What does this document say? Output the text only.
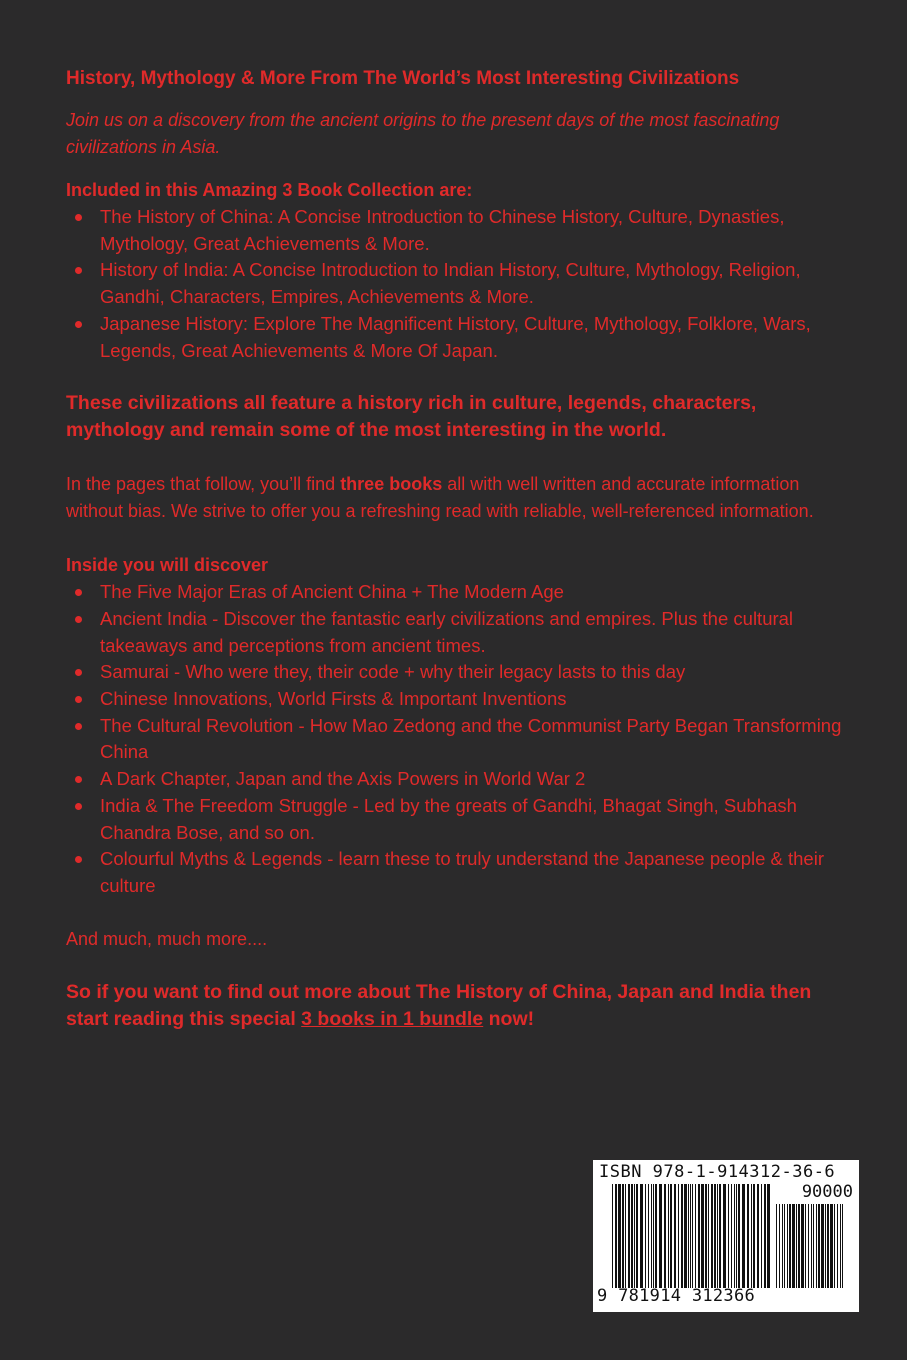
History, Mythology & More From The World’s Most Interesting Civilizations

Join us on a discovery from the ancient origins to the present days of the most fascinating civilizations in Asia.

Included in this Amazing 3 Book Collection are:

The History of China: A Concise Introduction to Chinese History, Culture, Dynasties, Mythology, Great Achievements & More.
History of India: A Concise Introduction to Indian History, Culture, Mythology, Religion, Gandhi, Characters, Empires, Achievements & More.
Japanese History: Explore The Magnificent History, Culture, Mythology, Folklore, Wars, Legends, Great Achievements & More Of Japan.

These civilizations all feature a history rich in culture, legends, characters, mythology and remain some of the most interesting in the world.

In the pages that follow, you’ll find three books all with well written and accurate information without bias. We strive to offer you a refreshing read with reliable, well-referenced information.

Inside you will discover

The Five Major Eras of Ancient China + The Modern Age
Ancient India - Discover the fantastic early civilizations and empires. Plus the cultural takeaways and perceptions from ancient times.
Samurai - Who were they, their code + why their legacy lasts to this day
Chinese Innovations, World Firsts & Important Inventions
The Cultural Revolution - How Mao Zedong and the Communist Party Began Transforming China
A Dark Chapter, Japan and the Axis Powers in World War 2
India & The Freedom Struggle - Led by the greats of Gandhi, Bhagat Singh, Subhash Chandra Bose, and so on.
Colourful Myths & Legends - learn these to truly understand the Japanese people & their culture

And much, much more....

So if you want to find out more about The History of China, Japan and India then start reading this special 3 books in 1 bundle now!

ISBN 978-1-914312-36-6
90000
9 781914 312366
